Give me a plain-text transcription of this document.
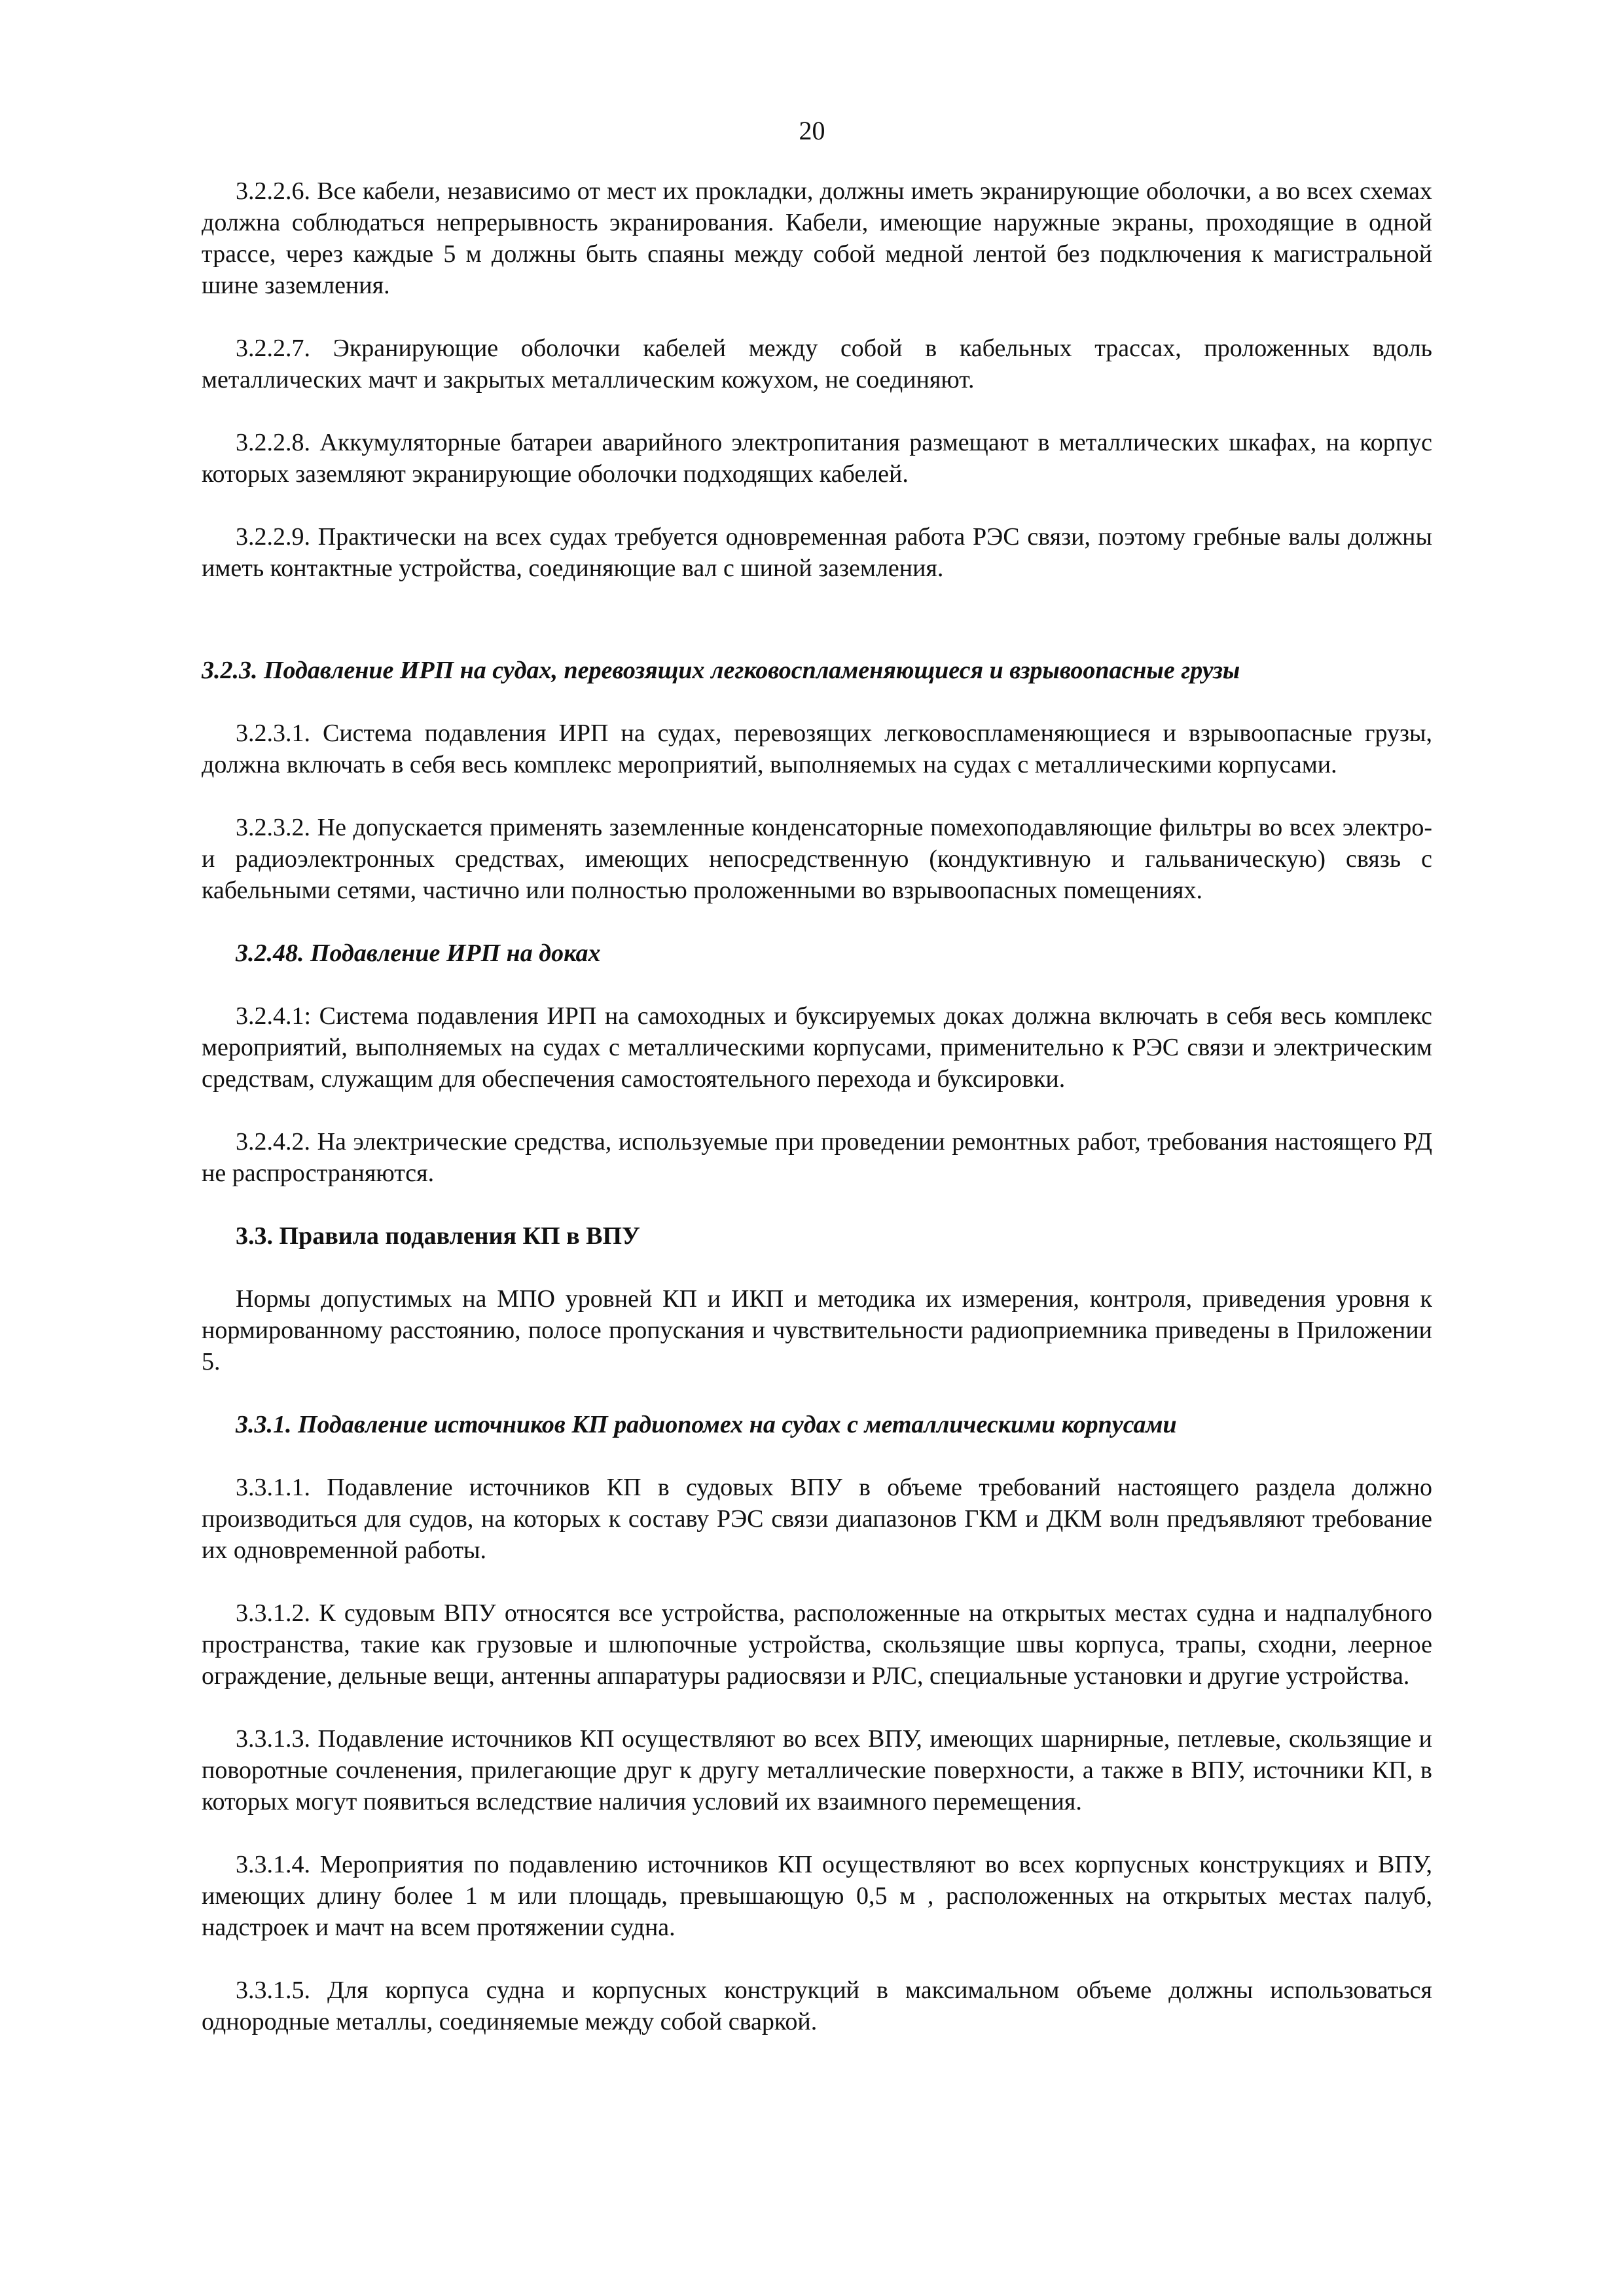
20

3.2.2.6. Все кабели, независимо от мест их прокладки, должны иметь экранирующие оболочки, а во всех схемах должна соблюдаться непрерывность экранирования. Кабели, имеющие наружные экраны, проходящие в одной трассе, через каждые 5 м должны быть спаяны между собой медной лентой без подключения к магистральной шине заземления.

3.2.2.7. Экранирующие оболочки кабелей между собой в кабельных трассах, проложенных вдоль металлических мачт и закрытых металлическим кожухом, не соединяют.

3.2.2.8. Аккумуляторные батареи аварийного электропитания размещают в металлических шкафах, на корпус которых заземляют экранирующие оболочки подходящих кабелей.

3.2.2.9. Практически на всех судах требуется одновременная работа РЭС связи, поэтому гребные валы должны иметь контактные устройства, соединяющие вал с шиной заземления.

3.2.3. Подавление ИРП на судах, перевозящих легковоспламеняющиеся и взрывоопасные грузы

3.2.3.1. Система подавления ИРП на судах, перевозящих легковоспламеняющиеся и взрывоопасные грузы, должна включать в себя весь комплекс мероприятий, выполняемых на судах с металлическими корпусами.

3.2.3.2. Не допускается применять заземленные конденсаторные помехоподавляющие фильтры во всех электро- и радиоэлектронных средствах, имеющих непосредственную (кондуктивную и гальваническую) связь с кабельными сетями, частично или полностью проложенными во взрывоопасных помещениях.

3.2.48. Подавление ИРП на доках

3.2.4.1: Система подавления ИРП на самоходных и буксируемых доках должна включать в себя весь комплекс мероприятий, выполняемых на судах с металлическими корпусами, применительно к РЭС связи и электрическим средствам, служащим для обеспечения самостоятельного перехода и буксировки.

3.2.4.2. На электрические средства, используемые при проведении ремонтных работ, требования настоящего РД не распространяются.

3.3. Правила подавления КП в ВПУ

Нормы допустимых на МПО уровней КП и ИКП и методика их измерения, контроля, приведения уровня к нормированному расстоянию, полосе пропускания и чувствительности радиоприемника приведены в Приложении 5.

3.3.1. Подавление источников КП радиопомех на судах с металлическими корпусами

3.3.1.1. Подавление источников КП в судовых ВПУ в объеме требований настоящего раздела должно производиться для судов, на которых к составу РЭС связи диапазонов ГКМ и ДКМ волн предъявляют требование их одновременной работы.

3.3.1.2. К судовым ВПУ относятся все устройства, расположенные на открытых местах судна и надпалубного пространства, такие как грузовые и шлюпочные устройства, скользящие швы корпуса, трапы, сходни, леерное ограждение, дельные вещи, антенны аппаратуры радиосвязи и РЛС, специальные установки и другие устройства.

3.3.1.3. Подавление источников КП осуществляют во всех ВПУ, имеющих шарнирные, петлевые, скользящие и поворотные сочленения, прилегающие друг к другу металлические поверхности, а также в ВПУ, источники КП, в которых могут появиться вследствие наличия условий их взаимного перемещения.

3.3.1.4. Мероприятия по подавлению источников КП осуществляют во всех корпусных конструкциях и ВПУ, имеющих длину более 1 м или площадь, превышающую 0,5 м , расположенных на открытых местах палуб, надстроек и мачт на всем протяжении судна.

3.3.1.5. Для корпуса судна и корпусных конструкций в максимальном объеме должны использоваться однородные металлы, соединяемые между собой сваркой.
